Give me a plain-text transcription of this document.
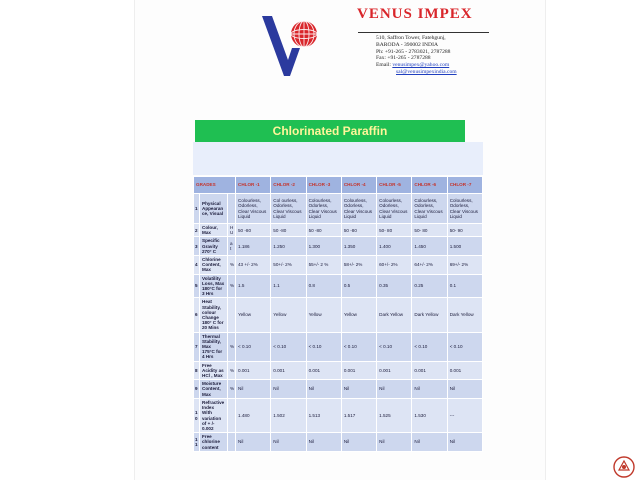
VENUS IMPEX
510, Saffron Tower, Fatehgunj,
BARODA - 390002 INDIA
Ph: +91-265 - 2783021, 2787288
Fax: +91-265 - 2787288
Email: venusimpex@yahoo.com
sal@venusimpexindia.com
Chlorinated Paraffin
GRADES			CHLOR -1	CHLOR -2	CHLOR -3	CHLOR -4	CHLOR -5	CHLOR -6	CHLOR -7
1	Physical Appearance, Visual		Colourless, Odorless, Clear Viscous Liquid	Col ourless, Odorless, Clear Viscous Liquid	Colourless, Odorless, Clear Viscous Liquid	Colourless, Odorless, Clear Viscous Liquid	Colourless, Odorless, Clear Viscous Liquid	Colourless, Odorless, Clear Viscous Liquid	Colourless, Odorless, Clear Viscous Liquid
2	Colour, Max	HU	50 -80	50 -80	50 -80	50 -80	50- 80	50- 80	50- 90
3	Specific Gravity 270° C	at	1.186	1.250	1.300	1.350	1.400	1.450	1.500
4	Chlorine Content, Max	%	43 +/- 2%	50+/- 2%	55+/- 2 %	58+/- 2%	60+/- 2%	64+/- 2%	69+/- 2%
5	Volatility Loss, Max 180°C for 3 Hrs	%	1.5	1.1	0.8	0.5	0.35	0.25	0.1
6	Heat Stability, colour Change 180° C for 20 Mins		Yellow	Yellow	Yellow	Yellow	Dark Yellow	Dark Yellow	Dark Yellow
7	Thermal Stability, Max 175°C for 4 Hrs	%	< 0.10	< 0.10	< 0.10	< 0.10	< 0.10	< 0.10	< 0.10
8	Free Acidity as HCl , Max	%	0.001	0.001	0.001	0.001	0.001	0.001	0.001
9	Moisture Content, Max	%	Nil	Nil	Nil	Nil	Nil	Nil	Nil
10	Refractive Index With variation of + /- 0.002		1.480	1.502	1.513	1.517	1.525	1.530	---
11	Free chlorine content		Nil	Nil	Nil	Nil	Nil	Nil	Nil
